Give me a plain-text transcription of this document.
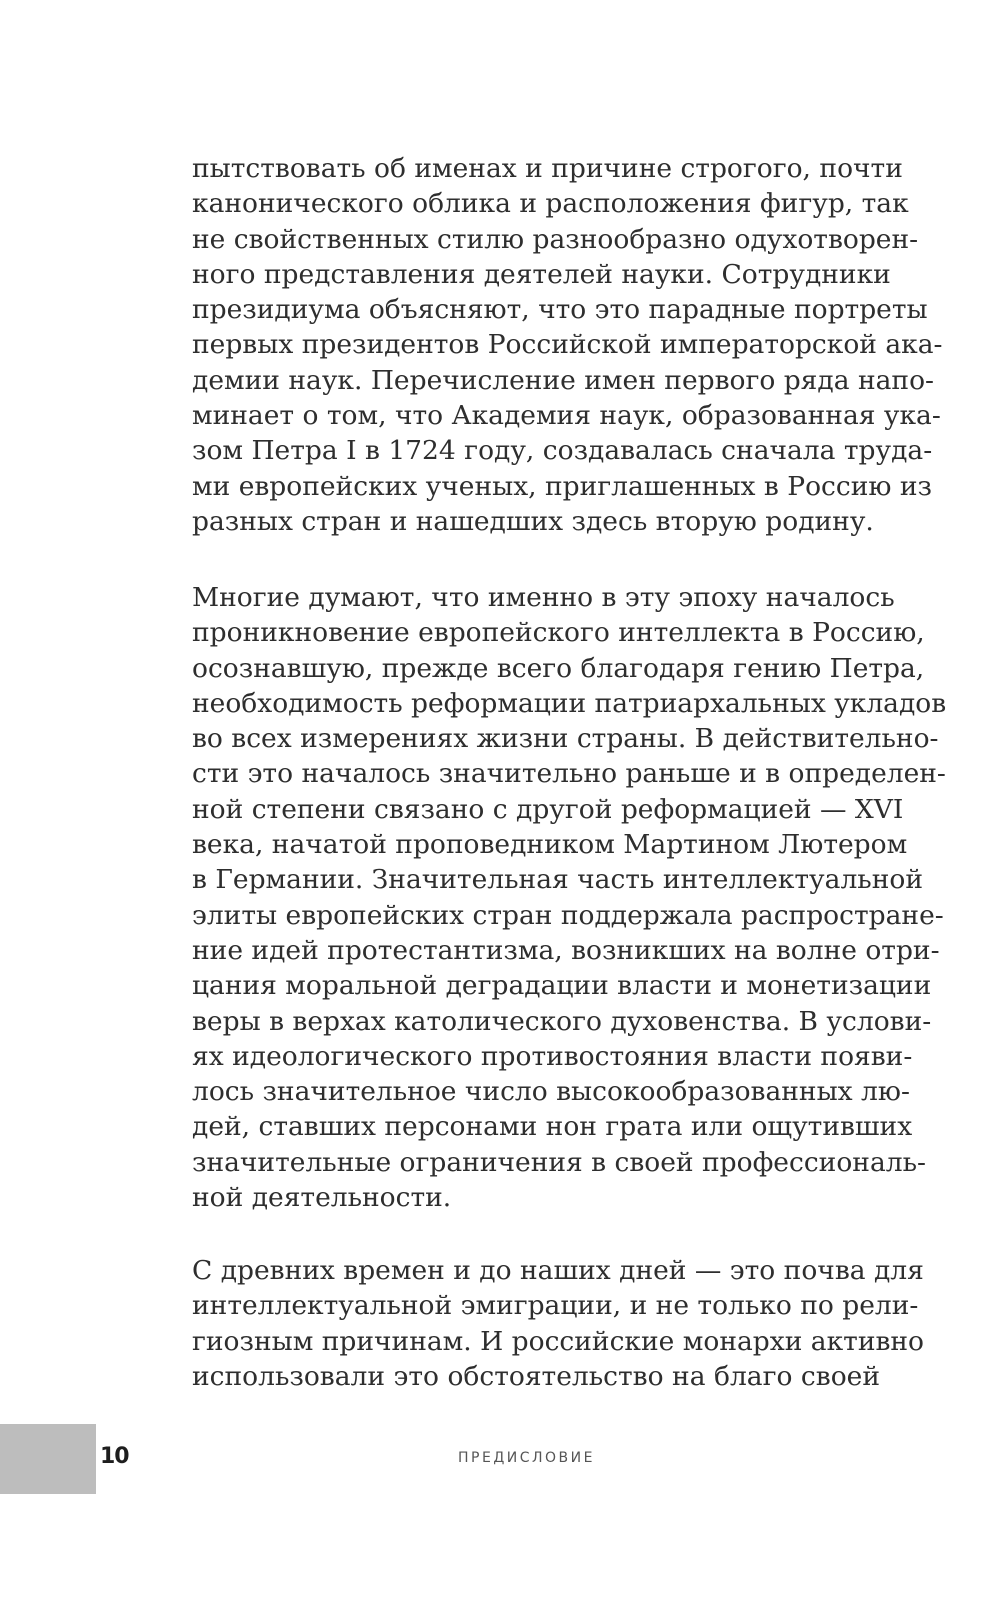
пытствовать об именах и причине строгого, почти
канонического облика и расположения фигур, так
не свойственных стилю разнообразно одухотворен-
ного представления деятелей науки. Сотрудники
президиума объясняют, что это парадные портреты
первых президентов Российской императорской ака-
демии наук. Перечисление имен первого ряда напо-
минает о том, что Академия наук, образованная ука-
зом Петра I в 1724 году, создавалась сначала труда-
ми европейских ученых, приглашенных в Россию из
разных стран и нашедших здесь вторую родину.
Многие думают, что именно в эту эпоху началось
проникновение европейского интеллекта в Россию,
осознавшую, прежде всего благодаря гению Петра,
необходимость реформации патриархальных укладов
во всех измерениях жизни страны. В действительно-
сти это началось значительно раньше и в определен-
ной степени связано с другой реформацией — XVI
века, начатой проповедником Мартином Лютером
в Германии. Значительная часть интеллектуальной
элиты европейских стран поддержала распростране-
ние идей протестантизма, возникших на волне отри-
цания моральной деградации власти и монетизации
веры в верхах католического духовенства. В услови-
ях идеологического противостояния власти появи-
лось значительное число высокообразованных лю-
дей, ставших персонами нон грата или ощутивших
значительные ограничения в своей профессиональ-
ной деятельности.
С древних времен и до наших дней — это почва для
интеллектуальной эмиграции, и не только по рели-
гиозным причинам. И российские монархи активно
использовали это обстоятельство на благо своей
10	ПРЕДИСЛОВИЕ
